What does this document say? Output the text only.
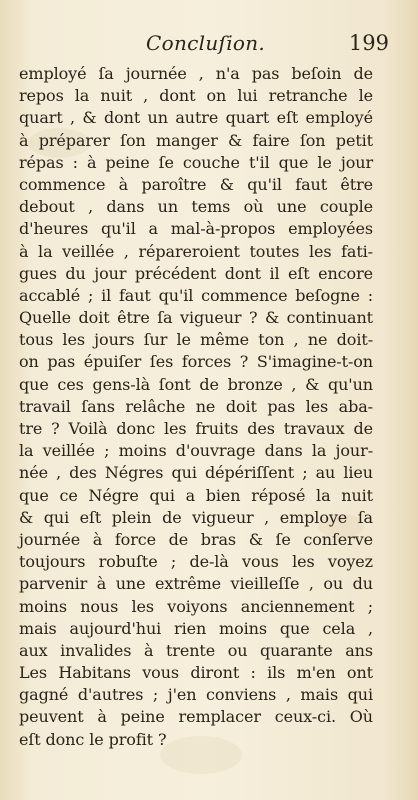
Concluſion.	199
employé ſa journée , n'a pas beſoin de
repos la nuit , dont on lui retranche le
quart , & dont un autre quart eſt employé
à préparer ſon manger & faire ſon petit
répas : à peine ſe couche t'il que le jour
commence à paroître & qu'il faut être
debout , dans un tems où une couple
d'heures qu'il a mal-à-propos employées
à la veillée , répareroient toutes les fati-
gues du jour précédent dont il eſt encore
accablé ; il faut qu'il commence beſogne :
Quelle doit être ſa vigueur ? & continuant
tous les jours ſur le même ton , ne doit-
on pas épuiſer ſes forces ? S'imagine-t-on
que ces gens-là ſont de bronze , & qu'un
travail ſans relâche ne doit pas les aba-
tre ? Voilà donc les fruits des travaux de
la veillée ; moins d'ouvrage dans la jour-
née , des Négres qui dépériſſent ; au lieu
que ce Négre qui a bien réposé la nuit
& qui eſt plein de vigueur , employe ſa
journée à force de bras & ſe conſerve
toujours robuſte ; de-là vous les voyez
parvenir à une extrême vieilleſſe , ou du
moins nous les voiyons anciennement ;
mais aujourd'hui rien moins que cela ,
aux invalides à trente ou quarante ans
Les Habitans vous diront : ils m'en ont
gagné d'autres ; j'en conviens , mais qui
peuvent à peine remplacer ceux-ci. Où
eſt donc le profit ?
